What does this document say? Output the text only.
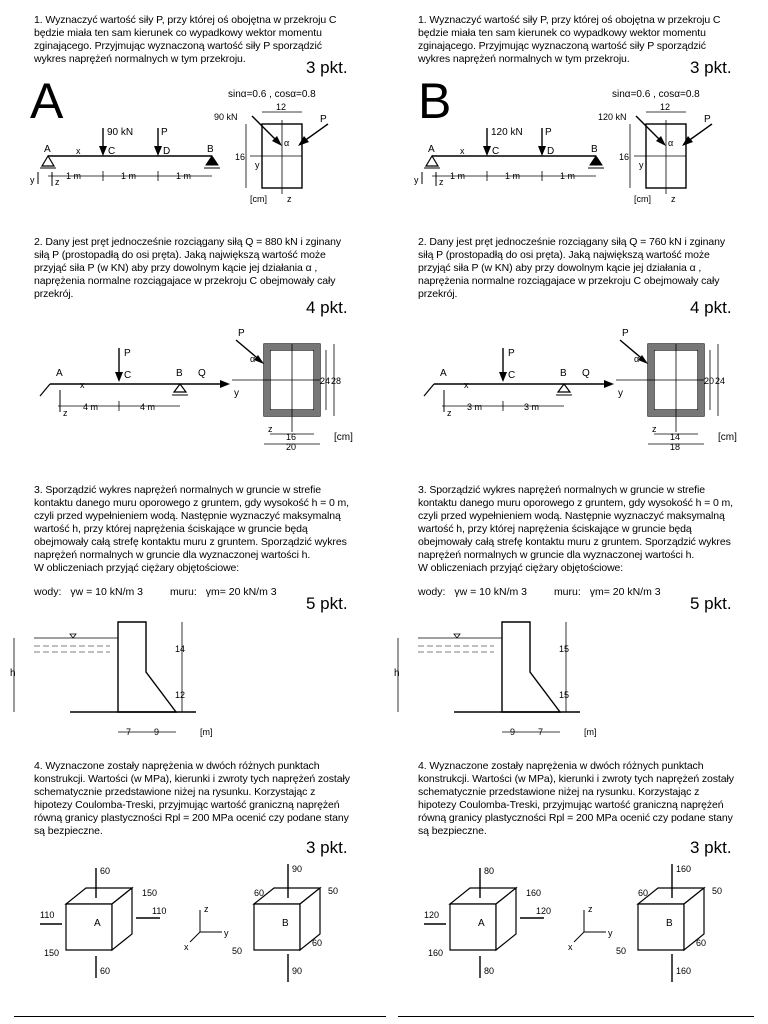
A
1. Wyznaczyć wartość siły P, przy której oś obojętna w przekroju C
będzie miała ten sam kierunek co wypadkowy wektor momentu
zginającego. Przyjmując wyznaczoną wartość siły P sporządzić
wykres naprężeń normalnych w tym przekroju.	3 pkt.
sinα=0.6 , cosα=0.8
A	B
x
90 kN
C
P
D
y z
1 m	1 m	1 m
y
z
12
16
[cm]
90 kN	P
α
2. Dany jest pręt jednocześnie rozciągany siłą Q = 880 kN i zginany
siłą P (prostopadłą do osi pręta). Jaką największą wartość może
przyjąć siła P (w KN) aby przy dowolnym kącie jej działania α ,
naprężenia normalne rozciągajace w przekroju C obejmowały cały
przekrój.
4 pkt.
A
x
z
P
C	B Q
4 m	4 m
y
z
P
α
24 28
16
20
[cm]
3. Sporządzić wykres naprężeń normalnych w gruncie w strefie
kontaktu danego muru oporowego z gruntem, gdy wysokość h = 0 m,
czyli przed wypełnieniem wodą. Następnie wyznaczyć maksymalną
wartość h, przy której naprężenia ściskające w gruncie będą
obejmowały całą strefę kontaktu muru z gruntem. Sporządzić wykres
naprężeń normalnych w gruncie dla wyznaczonej wartości h.
W obliczeniach przyjąć ciężary objętościowe:
wody: γw = 10 kN/m 3	muru: γm= 20 kN/m 3
5 pkt.
h
14
12
7	9	[m]
4. Wyznaczone zostały naprężenia w dwóch różnych punktach
konstrukcji. Wartości (w MPa), kierunki i zwroty tych naprężeń zostały
schematycznie przedstawione niżej na rysunku. Korzystając z
hipotezy Coulomba-Treski, przyjmując wartość graniczną naprężeń
równą granicy plastyczności Rpl = 200 MPa ocenić czy podane stany
są bezpieczne.
3 pkt.
A
60
60
110	110
150
150
z
y
x
B
90
90
60	50
50
60
B
1. Wyznaczyć wartość siły P, przy której oś obojętna w przekroju C
będzie miała ten sam kierunek co wypadkowy wektor momentu
zginającego. Przyjmując wyznaczoną wartość siły P sporządzić
wykres naprężeń normalnych w tym przekroju.	3 pkt.
sinα=0.6 , cosα=0.8
A	B
x
120 kN
C
P
D
y z
1 m	1 m	1 m
y
z
12
16
[cm]
120 kN	P
α
2. Dany jest pręt jednocześnie rozciągany siłą Q = 760 kN i zginany
siłą P (prostopadłą do osi pręta). Jaką największą wartość może
przyjąć siła P (w KN) aby przy dowolnym kącie jej działania α ,
naprężenia normalne rozciągajace w przekroju C obejmowały cały
przekrój.
4 pkt.
A
x
z
P
C	B Q
3 m	3 m
y
z
P
α
20 24
14
18
[cm]
3. Sporządzić wykres naprężeń normalnych w gruncie w strefie
kontaktu danego muru oporowego z gruntem, gdy wysokość h = 0 m,
czyli przed wypełnieniem wodą. Następnie wyznaczyć maksymalną
wartość h, przy której naprężenia ściskające w gruncie będą
obejmowały całą strefę kontaktu muru z gruntem. Sporządzić wykres
naprężeń normalnych w gruncie dla wyznaczonej wartości h.
W obliczeniach przyjąć ciężary objętościowe:
wody: γw = 10 kN/m 3	muru: γm= 20 kN/m 3
5 pkt.
h
15
15
9	7	[m]
4. Wyznaczone zostały naprężenia w dwóch różnych punktach
konstrukcji. Wartości (w MPa), kierunki i zwroty tych naprężeń zostały
schematycznie przedstawione niżej na rysunku. Korzystając z
hipotezy Coulomba-Treski, przyjmując wartość graniczną naprężeń
równą granicy plastyczności Rpl = 200 MPa ocenić czy podane stany
są bezpieczne.
3 pkt.
A
80
80
120	120
160
160
z
y
x
B
160
160
60	50
50
60
